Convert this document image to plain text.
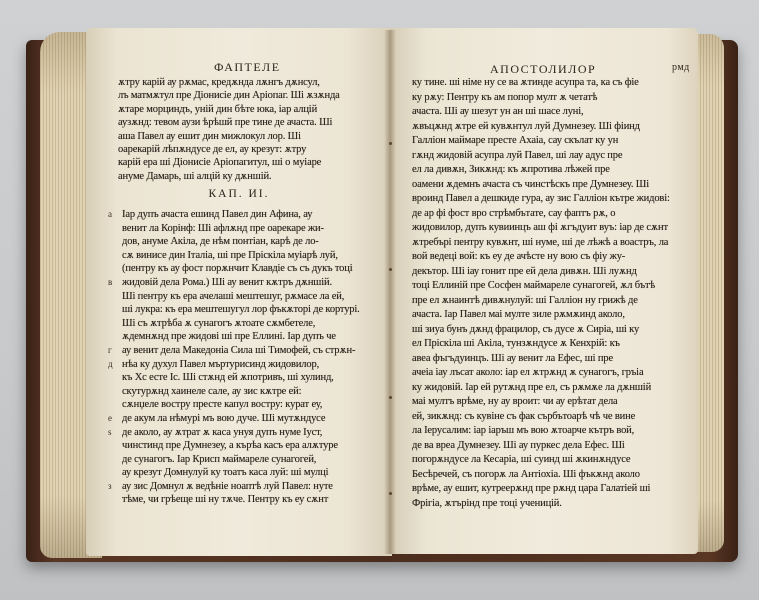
ФАПТЕЛЕ	АПОСТОЛИЛОР	рмд
ѫтру карiй ау рѫмас, кредѫнда лѫнгъ дѫнсул,
лъ матмѫтул пре Дiонисiе дин Арiопаг. Шi ѫзѫнда
ѫтаре морциндъ, унiй дин бѣте юка, iар алцiй
аузѫнд: тевом аузи ѣрѣшй пре тине де ачаста. Шi
аша Павел ау ешит дин мижлокул лор. Шi
оарекарiй лѣпѫндусе де ел, ау крезут: ѫтру
карiй ера шi Дiонисiе Арiопагитул, шi о муiаре
ануме Дамарь, шi алцiй ку дѫншiй.
КАП. ИI.
а
в
г
д
е
ѕ
з
Iар дупъ ачаста ешинд Павел дин Афина, ау
венит ла Корiнф: Шi афлѫнд пре оарекаре жи-
дов, ануме Акiла, де нѣм понтiан, карѣ де ло-
сѫ винисе дин Iталiа, шi пре Прiскiла муiарѣ луй,
(пентру къ ау фост порѫнчит Клавдiе съ съ дукъ тоцi
жидовiй дела Рома.) Шi ау венит кѫтръ дѫншiй.
Шi пентру къ ера ачелашi мештешуг, рѫмасе ла ей,
шi лукра: къ ера мештешугул лор фъкѫторi де кортурi.
Шi съ ѫтрѣба ѫ сунагогъ ѫтоате сѫмбетеле,
ѫдемнѫнд пре жидовi шi пре Еллинi. Iар дупъ че
ау венит дела Македонiа Сила шi Тимофей, съ стрѫн-
нѣа ку духул Павел мъртурисинд жидовилор,
къ Хс есте Iс. Шi стѫнд ей ѫпотривъ, шi хулинд,
скутурѫнд хаинеле сале, ау зис кѫтре ей:
сѫнџеле востру престе капул востру: курат еу,
де акум ла нѣмурi мъ вою дуче. Шi мутѫндусе
де аколо, ау ѫтрат ѫ каса унуя дупъ нуме Iуст,
чинстинд пре Думнезеу, а кърѣа касъ ера алѫтуре
де сунагогъ. Iар Крисп маймареле сунагогей,
ау крезут Домнулуй ку тоатъ каса луй: шi мулцi
ау зис Домнул ѫ ведѣнiе ноаптѣ луй Павел: нуте
тѣме, чи грѣеще шi ну тѫче. Пентру къ еу сѫнт
ку тине. шi нiме ну се ва ѫтинде асупра та, ка съ фiе
ку рѫу: Пентру къ ам попор мулт ѫ четатѣ
ачаста. Шi ау шезут ун ан шi шасе лунi,
ѫвъцѫнд ѫтре ей кувѫнтул луй Думнезеу. Шi фiинд
Галлiон маймаре престе Ахаiа, сау скълат ку ун
гѫнд жидовiй асупра луй Павел, шi лау адус пре
ел ла дивѫн, Зикѫнд: къ ѫпротива лѣжей пре
оамени ѫдемнъ ачаста съ чинстѣскъ пре Думнезеу. Шi
вроинд Павел а дешкиде гура, ау зис Галлiон кътре жидовi:
де ар фi фост вро стрѣмбътате, сау фаптъ рѫ, о
жидовилор, дупъ кувиинцъ аш фi ѫгъдуит вуъ: iар де сѫнт
ѫтребърi пентру кувѫнт, шi нуме, шi де лѣжѣ а воастръ, ла
вой ведецi вой: къ еу де ачѣсте ну вою съ фiу жу-
декътор. Шi iау гонит пре ей дела дивѫн. Шi луѫнд
тоцi Еллинiй пре Сосфен маймареле сунагогей, ѫл бътѣ
пре ел ѫнаинтѣ дивѫнулуй: шi Галлiон ну грижѣ де
ачаста. Iар Павел маi мулте зиле рѫмѫинд аколо,
шi зиуа бунъ дѫнд фрацилор, съ дусе ѫ Сирiа, шi ку
ел Прiскiла шi Акiла, тунзѫндусе ѫ Кенхрiй: къ
авеа фъгъдуинцъ. Шi ау венит ла Ефес, шi пре
ачеiа iау лъсат аколо: iар ел ѫтрѫнд ѫ сунагогъ, гръiа
ку жидовiй. Iар ей рутѫнд пре ел, съ рѫмѫе ла дѫншiй
маi мултъ врѣме, ну ау вроит: чи ау ерѣтат дела
ей, зикѫнд: съ кувiне съ фак сърбътоарѣ чѣ че вине
ла Iерусалим: iар iаръш мъ вою ѫтоарче кътръ вой,
де ва вреа Думнезеу. Шi ау пуркес дела Ефес. Шi
погорѫндусе ла Кесарiа, шi суинд шi ѫкинѫндусе
Бесѣречей, съ погорѫ ла Антiохiа. Шi фъкѫнд аколо
врѣме, ау ешит, кутреерѫнд пре рѫнд цара Галатiей шi
Фрiгiа, ѫтърiнд пре тоцi ученицiй.
